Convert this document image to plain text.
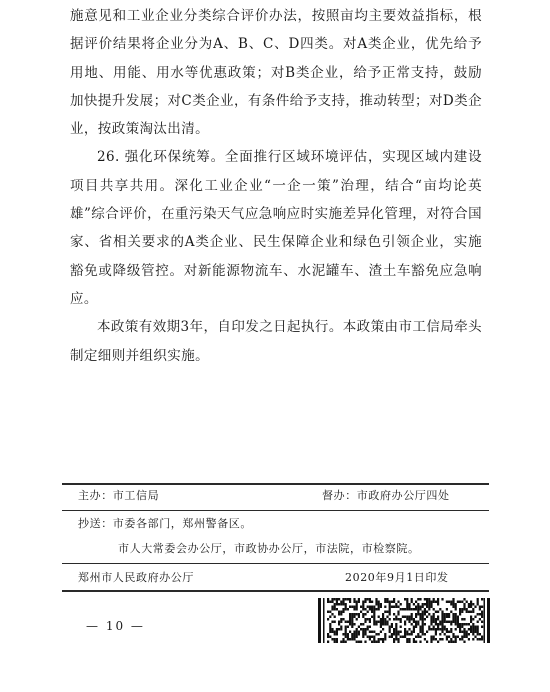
施意见和工业企业分类综合评价办法，按照亩均主要效益指标，根据评价结果将企业分为A、B、C、D四类。对A类企业，优先给予用地、用能、用水等优惠政策；对B类企业，给予正常支持，鼓励加快提升发展；对C类企业，有条件给予支持，推动转型；对D类企业，按政策淘汰出清。

26. 强化环保统筹。全面推行区域环境评估，实现区域内建设项目共享共用。深化工业企业“一企一策”治理，结合“亩均论英雄”综合评价，在重污染天气应急响应时实施差异化管理，对符合国家、省相关要求的A类企业、民生保障企业和绿色引领企业，实施豁免或降级管控。对新能源物流车、水泥罐车、渣土车豁免应急响应。

本政策有效期3年，自印发之日起执行。本政策由市工信局牵头制定细则并组织实施。

主办：市工信局	督办：市政府办公厅四处
抄送：市委各部门，郑州警备区。
市人大常委会办公厅，市政协办公厅，市法院，市检察院。
郑州市人民政府办公厅	2020年9月1日印发
— 10 —
